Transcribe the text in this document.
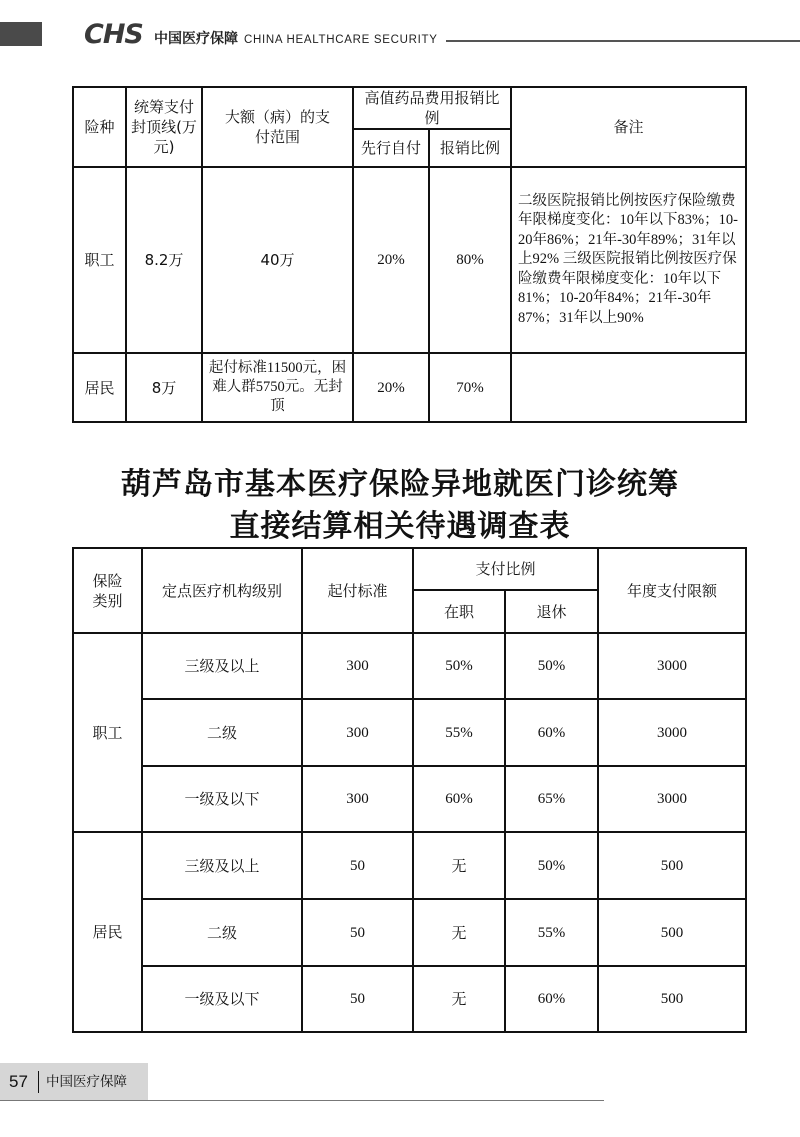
CHS 中国医疗保障 CHINA HEALTHCARE SECURITY
险种	统筹支付封顶线(万元)	大额（病）的支付范围	高值药品费用报销比例		备注
			先行自付	报销比例	
职工	8.2万	40万	20%	80%	二级医院报销比例按医疗保险缴费年限梯度变化：10年以下83%；10-20年86%；21年-30年89%；31年以上92% 三级医院报销比例按医疗保险缴费年限梯度变化：10年以下81%；10-20年84%；21年-30年87%；31年以上90%
居民	8万	起付标准11500元，困难人群5750元。无封顶	20%	70%	
葫芦岛市基本医疗保险异地就医门诊统筹
直接结算相关待遇调查表
保险类别	定点医疗机构级别	起付标准	支付比例		年度支付限额
			在职	退休	
职工	三级及以上	300	50%	50%	3000
	二级	300	55%	60%	3000
	一级及以下	300	60%	65%	3000
居民	三级及以上	50	无	50%	500
	二级	50	无	55%	500
	一级及以下	50	无	60%	500
57 中国医疗保障
